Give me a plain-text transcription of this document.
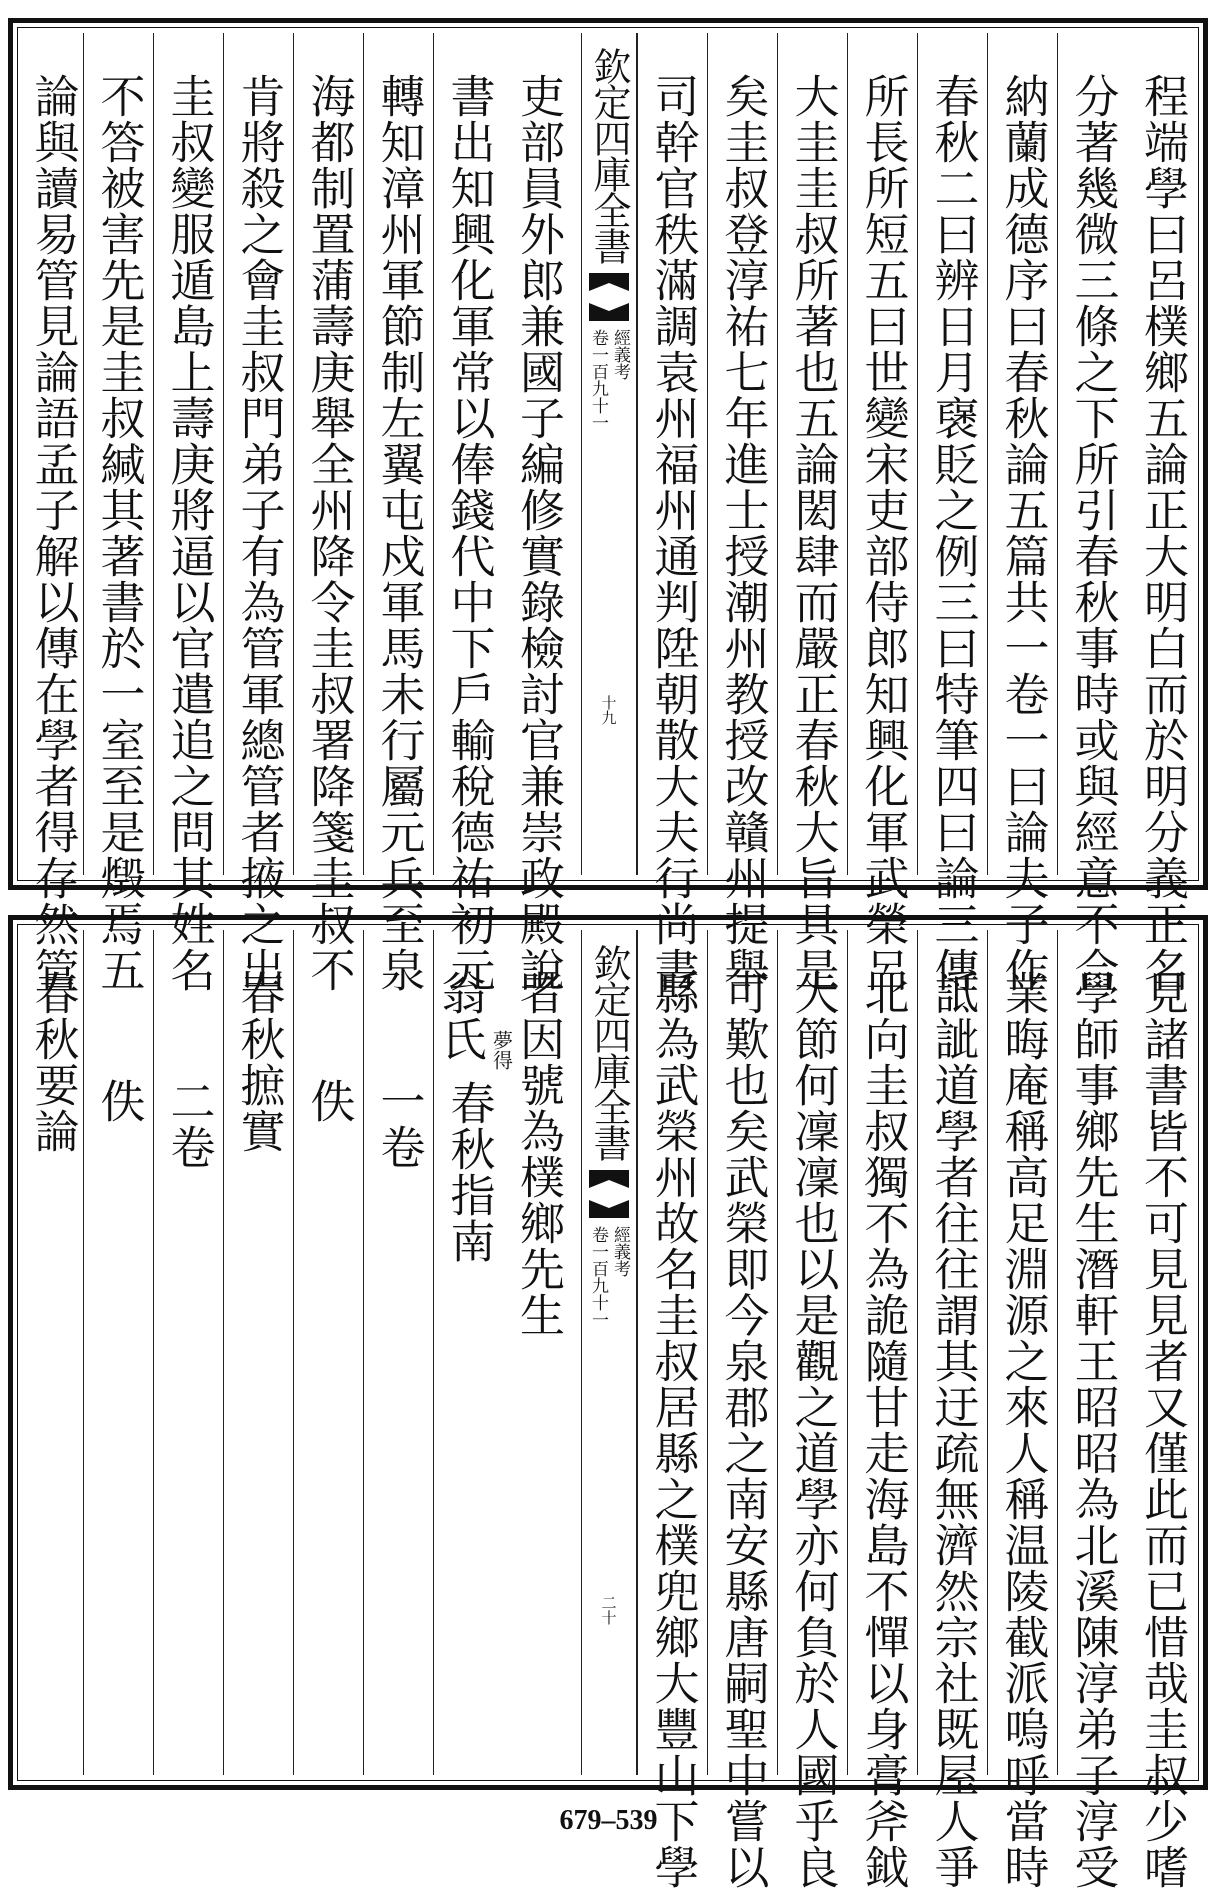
程端學曰呂樸鄉五論正大明白而於明分義正名
分著幾微三條之下所引春秋事時或與經意不合
納蘭成德序曰春秋論五篇共一卷一曰論夫子作
春秋二曰辨日月襃貶之例三曰特筆四曰論三傳
所長所短五曰世變宋吏部侍郎知興化軍武榮呂
大圭圭叔所著也五論閎肆而嚴正春秋大旨具是
矣圭叔登淳祐七年進士授潮州教授改贛州提舉
司幹官秩滿調袁州福州通判陞朝散大夫行尚書
欽定四庫全書
經義考
卷一百九十一
十九
吏部員外郎兼國子編修實錄檢討官兼崇政殿說
書出知興化軍常以俸錢代中下戶輸稅德祐初元
轉知漳州軍節制左翼屯戍軍馬未行屬元兵至泉
海都制置蒲壽庚舉全州降令圭叔署降箋圭叔不
肯將殺之會圭叔門弟子有為管軍總管者掖之出
圭叔變服遁島上壽庚將逼以官遣追之問其姓名
不答被害先是圭叔緘其著書於一室至是燬焉五
論與讀易管見論語孟子解以傳在學者得存然管
見諸書皆不可見見者又僅此而已惜哉圭叔少嗜
學師事鄉先生潛軒王昭昭為北溪陳淳弟子淳受
業晦庵稱高足淵源之來人稱温陵截派嗚呼當時
詆訿道學者往往謂其迂疏無濟然宗社既屋人爭
北向圭叔獨不為詭隨甘走海島不憚以身膏斧鉞
大節何凜凜也以是觀之道學亦何負於人國乎良
可歎也矣武榮即今泉郡之南安縣唐嗣聖中嘗以
縣為武榮州故名圭叔居縣之樸兜鄉大豐山下學
欽定四庫全書
經義考
卷一百九十一
二十
者因號為樸鄉先生
翁氏 夢得
春秋指南
一卷
佚
春秋摭實
二卷
佚
春秋要論
679–539
